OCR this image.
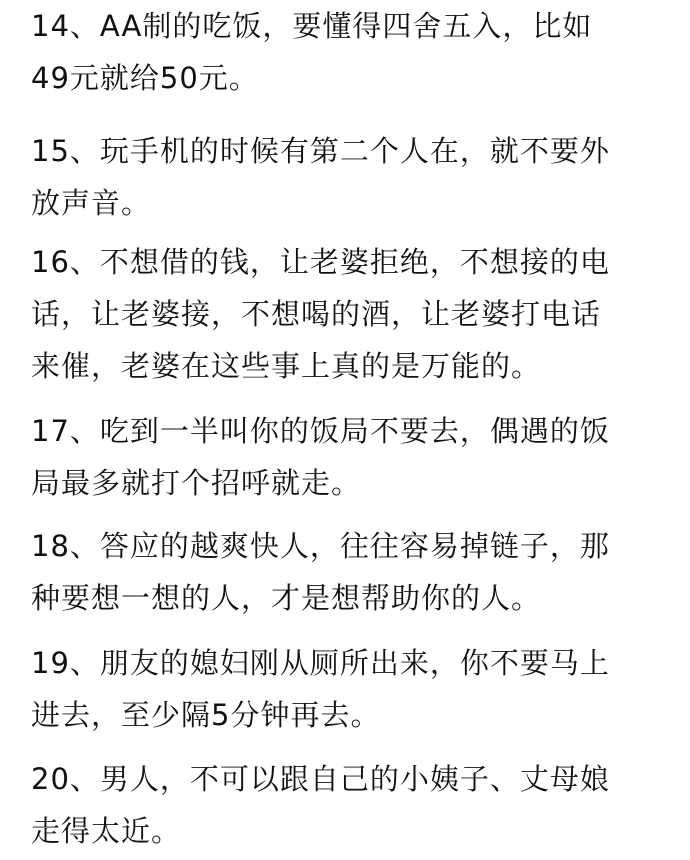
14、AA制的吃饭，要懂得四舍五入，比如
49元就给50元。
15、玩手机的时候有第二个人在，就不要外
放声音。
16、不想借的钱，让老婆拒绝，不想接的电
话，让老婆接，不想喝的酒，让老婆打电话
来催，老婆在这些事上真的是万能的。
17、吃到一半叫你的饭局不要去，偶遇的饭
局最多就打个招呼就走。
18、答应的越爽快人，往往容易掉链子，那
种要想一想的人，才是想帮助你的人。
19、朋友的媳妇刚从厕所出来，你不要马上
进去，至少隔5分钟再去。
20、男人，不可以跟自己的小姨子、丈母娘
走得太近。
